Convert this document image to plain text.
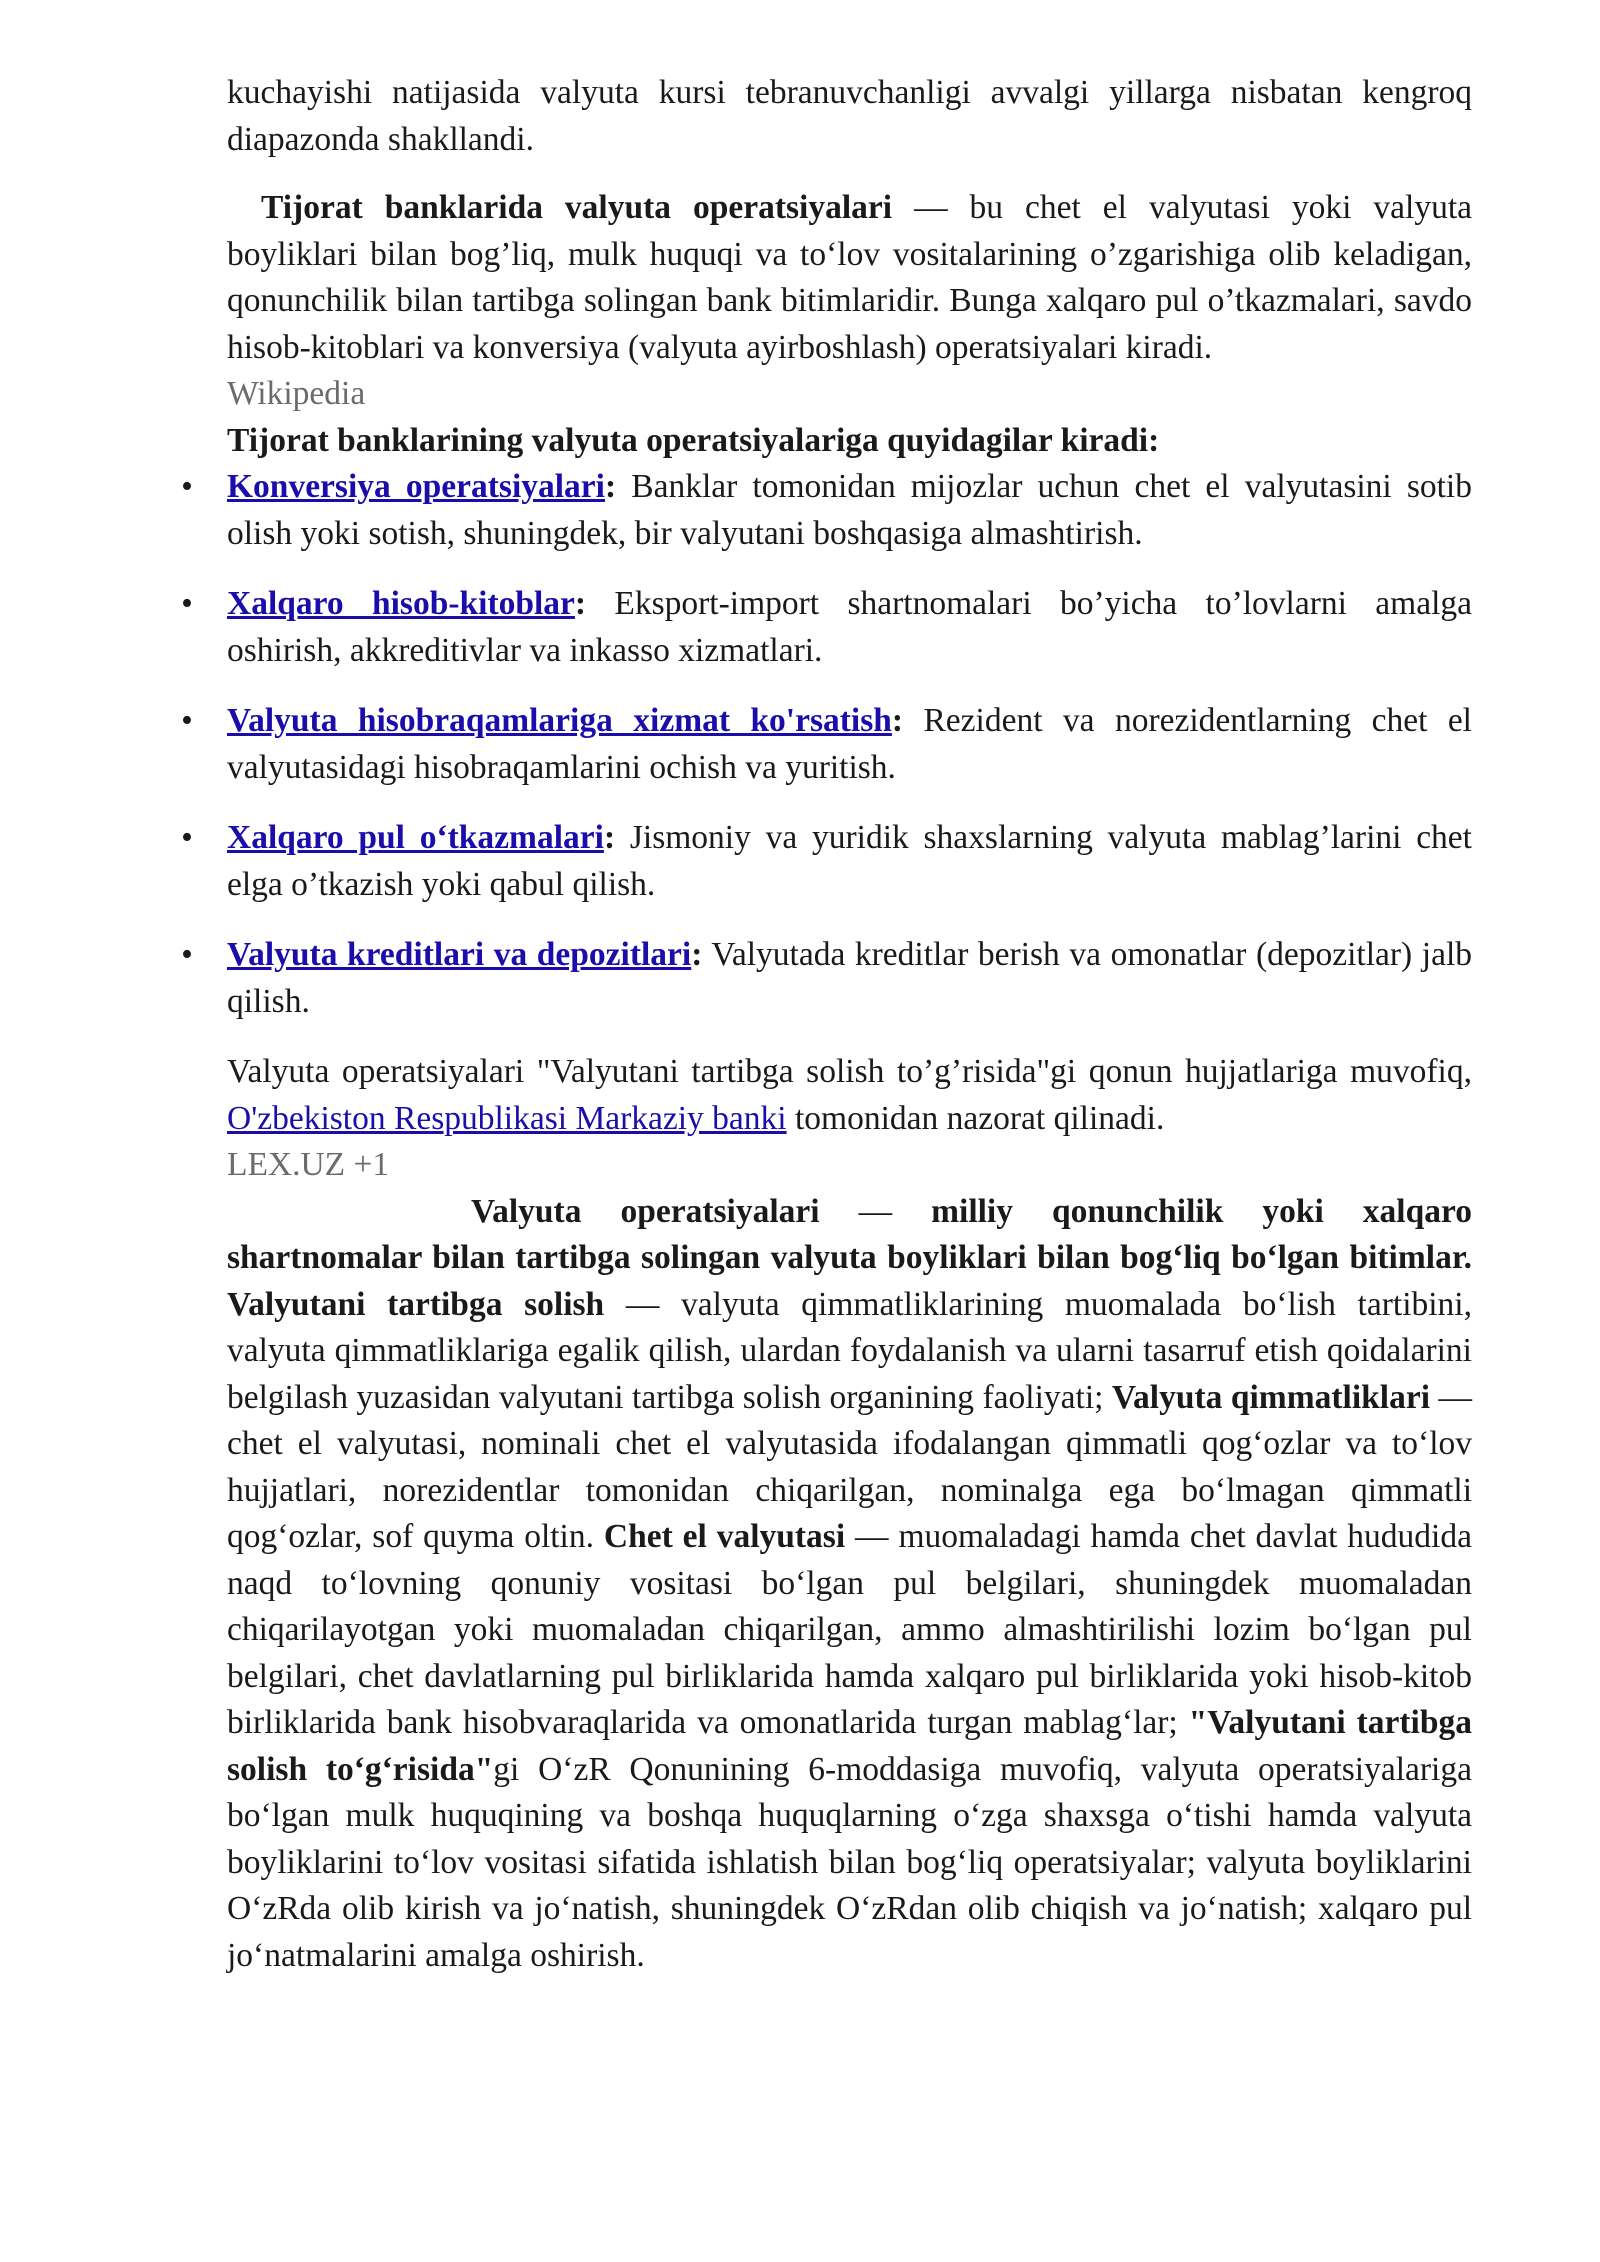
kuchayishi natijasida valyuta kursi tebranuvchanligi avvalgi yillarga nisbatan kengroq diapazonda shakllandi.

Tijorat banklarida valyuta operatsiyalari — bu chet el valyutasi yoki valyuta boyliklari bilan bog’liq, mulk huquqi va to‘lov vositalarining o’zgarishiga olib keladigan, qonunchilik bilan tartibga solingan bank bitimlaridir. Bunga xalqaro pul o’tkazmalari, savdo hisob-kitoblari va konversiya (valyuta ayirboshlash) operatsiyalari kiradi.

Wikipedia

Tijorat banklarining valyuta operatsiyalariga quyidagilar kiradi:

• Konversiya operatsiyalari: Banklar tomonidan mijozlar uchun chet el valyutasini sotib olish yoki sotish, shuningdek, bir valyutani boshqasiga almashtirish.
• Xalqaro hisob-kitoblar: Eksport-import shartnomalari bo’yicha to’lovlarni amalga oshirish, akkreditivlar va inkasso xizmatlari.
• Valyuta hisobraqamlariga xizmat ko'rsatish: Rezident va norezidentlarning chet el valyutasidagi hisobraqamlarini ochish va yuritish.
• Xalqaro pul o‘tkazmalari: Jismoniy va yuridik shaxslarning valyuta mablag’larini chet elga o’tkazish yoki qabul qilish.
• Valyuta kreditlari va depozitlari: Valyutada kreditlar berish va omonatlar (depozitlar) jalb qilish.

Valyuta operatsiyalari "Valyutani tartibga solish to’g’risida"gi qonun hujjatlariga muvofiq, O'zbekiston Respublikasi Markaziy banki tomonidan nazorat qilinadi.

LEX.UZ +1

Valyuta operatsiyalari — milliy qonunchilik yoki xalqaro shartnomalar bilan tartibga solingan valyuta boyliklari bilan bog‘liq bo‘lgan bitimlar. Valyutani tartibga solish — valyuta qimmatliklarining muomalada bo‘lish tartibini, valyuta qimmatliklariga egalik qilish, ulardan foydalanish va ularni tasarruf etish qoidalarini belgilash yuzasidan valyutani tartibga solish organining faoliyati; Valyuta qimmatliklari — chet el valyutasi, nominali chet el valyutasida ifodalangan qimmatli qog‘ozlar va to‘lov hujjatlari, norezidentlar tomonidan chiqarilgan, nominalga ega bo‘lmagan qimmatli qog‘ozlar, sof quyma oltin. Chet el valyutasi — muomaladagi hamda chet davlat hududida naqd to‘lovning qonuniy vositasi bo‘lgan pul belgilari, shuningdek muomaladan chiqarilayotgan yoki muomaladan chiqarilgan, ammo almashtirilishi lozim bo‘lgan pul belgilari, chet davlatlarning pul birliklarida hamda xalqaro pul birliklarida yoki hisob-kitob birliklarida bank hisobvaraqlarida va omonatlarida turgan mablag‘lar; "Valyutani tartibga solish to‘g‘risida"gi O‘zR Qonunining 6-moddasiga muvofiq, valyuta operatsiyalariga bo‘lgan mulk huquqining va boshqa huquqlarning o‘zga shaxsga o‘tishi hamda valyuta boyliklarini to‘lov vositasi sifatida ishlatish bilan bog‘liq operatsiyalar; valyuta boyliklarini O‘zRda olib kirish va jo‘natish, shuningdek O‘zRdan olib chiqish va jo‘natish; xalqaro pul jo‘natmalarini amalga oshirish.
